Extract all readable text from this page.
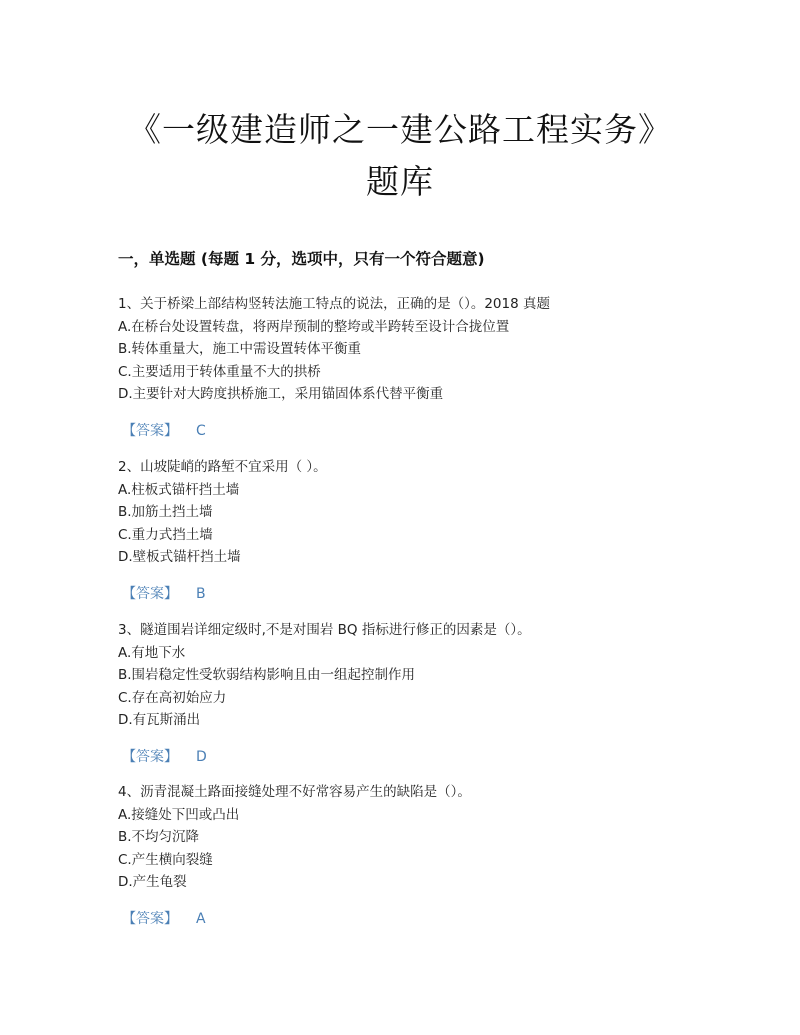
《一级建造师之一建公路工程实务》
题库
一，单选题 (每题 1 分，选项中，只有一个符合题意)
1、关于桥梁上部结构竖转法施工特点的说法，正确的是（）。2018 真题
A.在桥台处设置转盘，将两岸预制的整垮或半跨转至设计合拢位置
B.转体重量大，施工中需设置转体平衡重
C.主要适用于转体重量不大的拱桥
D.主要针对大跨度拱桥施工，采用锚固体系代替平衡重
【答案】 C
2、山坡陡峭的路堑不宜采用（ ）。
A.柱板式锚杆挡土墙
B.加筋土挡土墙
C.重力式挡土墙
D.壁板式锚杆挡土墙
【答案】 B
3、隧道围岩详细定级时,不是对围岩 BQ 指标进行修正的因素是（）。
A.有地下水
B.围岩稳定性受软弱结构影响且由一组起控制作用
C.存在高初始应力
D.有瓦斯涌出
【答案】 D
4、沥青混凝土路面接缝处理不好常容易产生的缺陷是（）。
A.接缝处下凹或凸出
B.不均匀沉降
C.产生横向裂缝
D.产生龟裂
【答案】 A
